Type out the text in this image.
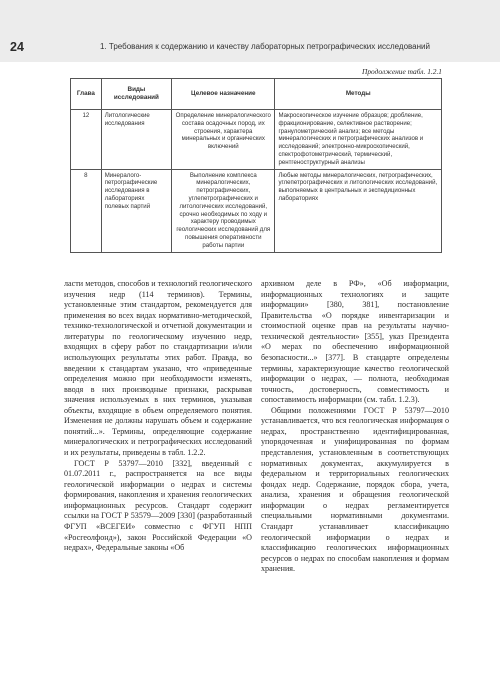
24	1. Требования к содержанию и качеству лабораторных петрографических исследований
Продолжение табл. 1.2.1
Глава	Виды исследований	Целевое назначение	Методы
12	Литологические исследования	Определение минералогического состава осадочных пород, их строения, характера минеральных и органических включений	Макроскопическое изучение образцов; дробление, фракционирование, селективное растворение; гранулометрический анализ; все методы минералогических и петрографических анализов и исследований; электронно-микроскопический, спектрофотометрический, термический, рентгеноструктурный анализы
8	Минералого-петрографические исследования в лабораториях полевых партий	Выполнение комплекса минералогических, петрографических, углепетрографических и литологических исследований, срочно необходимых по ходу и характеру проводимых геологических исследований для повышения оперативности работы партии	Любые методы минералогических, петрографических, углепетрографических и литологических исследований, выполняемых в центральных и экспедиционных лабораториях

ласти методов, способов и технологий геологического изучения недр (114 терминов). Термины, установленные этим стандартом, рекомендуется для применения во всех видах нормативно-методической, технико-технологической и отчетной документации и литературы по геологическому изучению недр, входящих в сферу работ по стандартизации и/или использующих результаты этих работ. Правда, во введении к стандартам указано, что «приведенные определения можно при необходимости изменять, вводя в них производные признаки, раскрывая значения используемых в них терминов, указывая объекты, входящие в объем определяемого понятия. Изменения не должны нарушать объем и содержание понятий...». Термины, определяющие содержание минералогических и петрографических исследований и их результаты, приведены в табл. 1.2.2.

ГОСТ Р 53797—2010 [332], введенный с 01.07.2011 г., распространяется на все виды геологической информации о недрах и системы формирования, накопления и хранения геологических информационных ресурсов. Стандарт содержит ссылки на ГОСТ Р 53579—2009 [330] (разработанный ФГУП «ВСЕГЕИ» совместно с ФГУП НПП «Росгеолфонд»), закон Российской Федерации «О недрах», Федеральные законы «Об

архивном деле в РФ», «Об информации, информационных технологиях и защите информации» [380, 381], постановление Правительства «О порядке инвентаризации и стоимостной оценке прав на результаты научно-технической деятельности» [355], указ Президента «О мерах по обеспечению информационной безопасности...» [377]. В стандарте определены термины, характеризующие качество геологической информации о недрах, — полнота, необходимая точность, достоверность, совместимость и сопоставимость информации (см. табл. 1.2.3).

Общими положениями ГОСТ Р 53797—2010 устанавливается, что вся геологическая информация о недрах, пространственно идентифицированная, упорядоченная и унифицированная по формам представления, установленным в соответствующих нормативных документах, аккумулируется в федеральном и территориальных геологических фондах недр. Содержание, порядок сбора, учета, анализа, хранения и обращения геологической информации о недрах регламентируется специальными нормативными документами. Стандарт устанавливает классификацию геологической информации о недрах и классификацию геологических информационных ресурсов о недрах по способам накопления и формам хранения.
